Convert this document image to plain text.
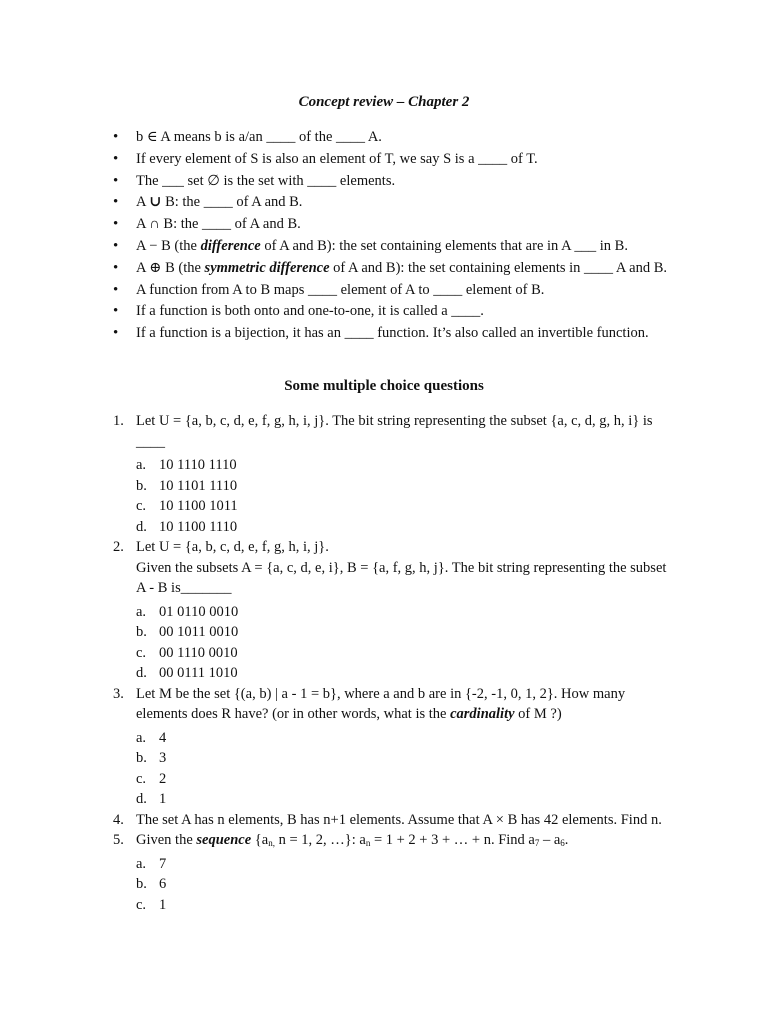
Concept review – Chapter 2
• b ∈ A means b is a/an ____ of the ____ A.
• If every element of S is also an element of T, we say S is a ____ of T.
• The ___ set ∅ is the set with ____ elements.
• A ∪ B: the ____ of A and B.
• A ∩ B: the ____ of A and B.
• A − B (the difference of A and B): the set containing elements that are in A ___ in B.
• A ⊕ B (the symmetric difference of A and B): the set containing elements in ____ A and B.
• A function from A to B maps ____ element of A to ____ element of B.
• If a function is both onto and one-to-one, it is called a ____.
• If a function is a bijection, it has an ____ function. It’s also called an invertible function.
Some multiple choice questions
1. Let U = {a, b, c, d, e, f, g, h, i, j}. The bit string representing the subset {a, c, d, g, h, i} is ____
a. 10 1110 1110
b. 10 1101 1110
c. 10 1100 1011
d. 10 1100 1110
2. Let U = {a, b, c, d, e, f, g, h, i, j}.
Given the subsets A = {a, c, d, e, i}, B = {a, f, g, h, j}. The bit string representing the subset A - B is_______
a. 01 0110 0010
b. 00 1011 0010
c. 00 1110 0010
d. 00 0111 1010
3. Let M be the set {(a, b) | a - 1 = b}, where a and b are in {-2, -1, 0, 1, 2}. How many elements does R have? (or in other words, what is the cardinality of M ?)
a. 4
b. 3
c. 2
d. 1
4. The set A has n elements, B has n+1 elements. Assume that A × B has 42 elements. Find n.
5. Given the sequence {$a_{n,}$ n = 1, 2, …}: $a_n = 1 + 2 + 3$ + … + n. Find $a_7 - a_6$.
a. 7
b. 6
c. 1
